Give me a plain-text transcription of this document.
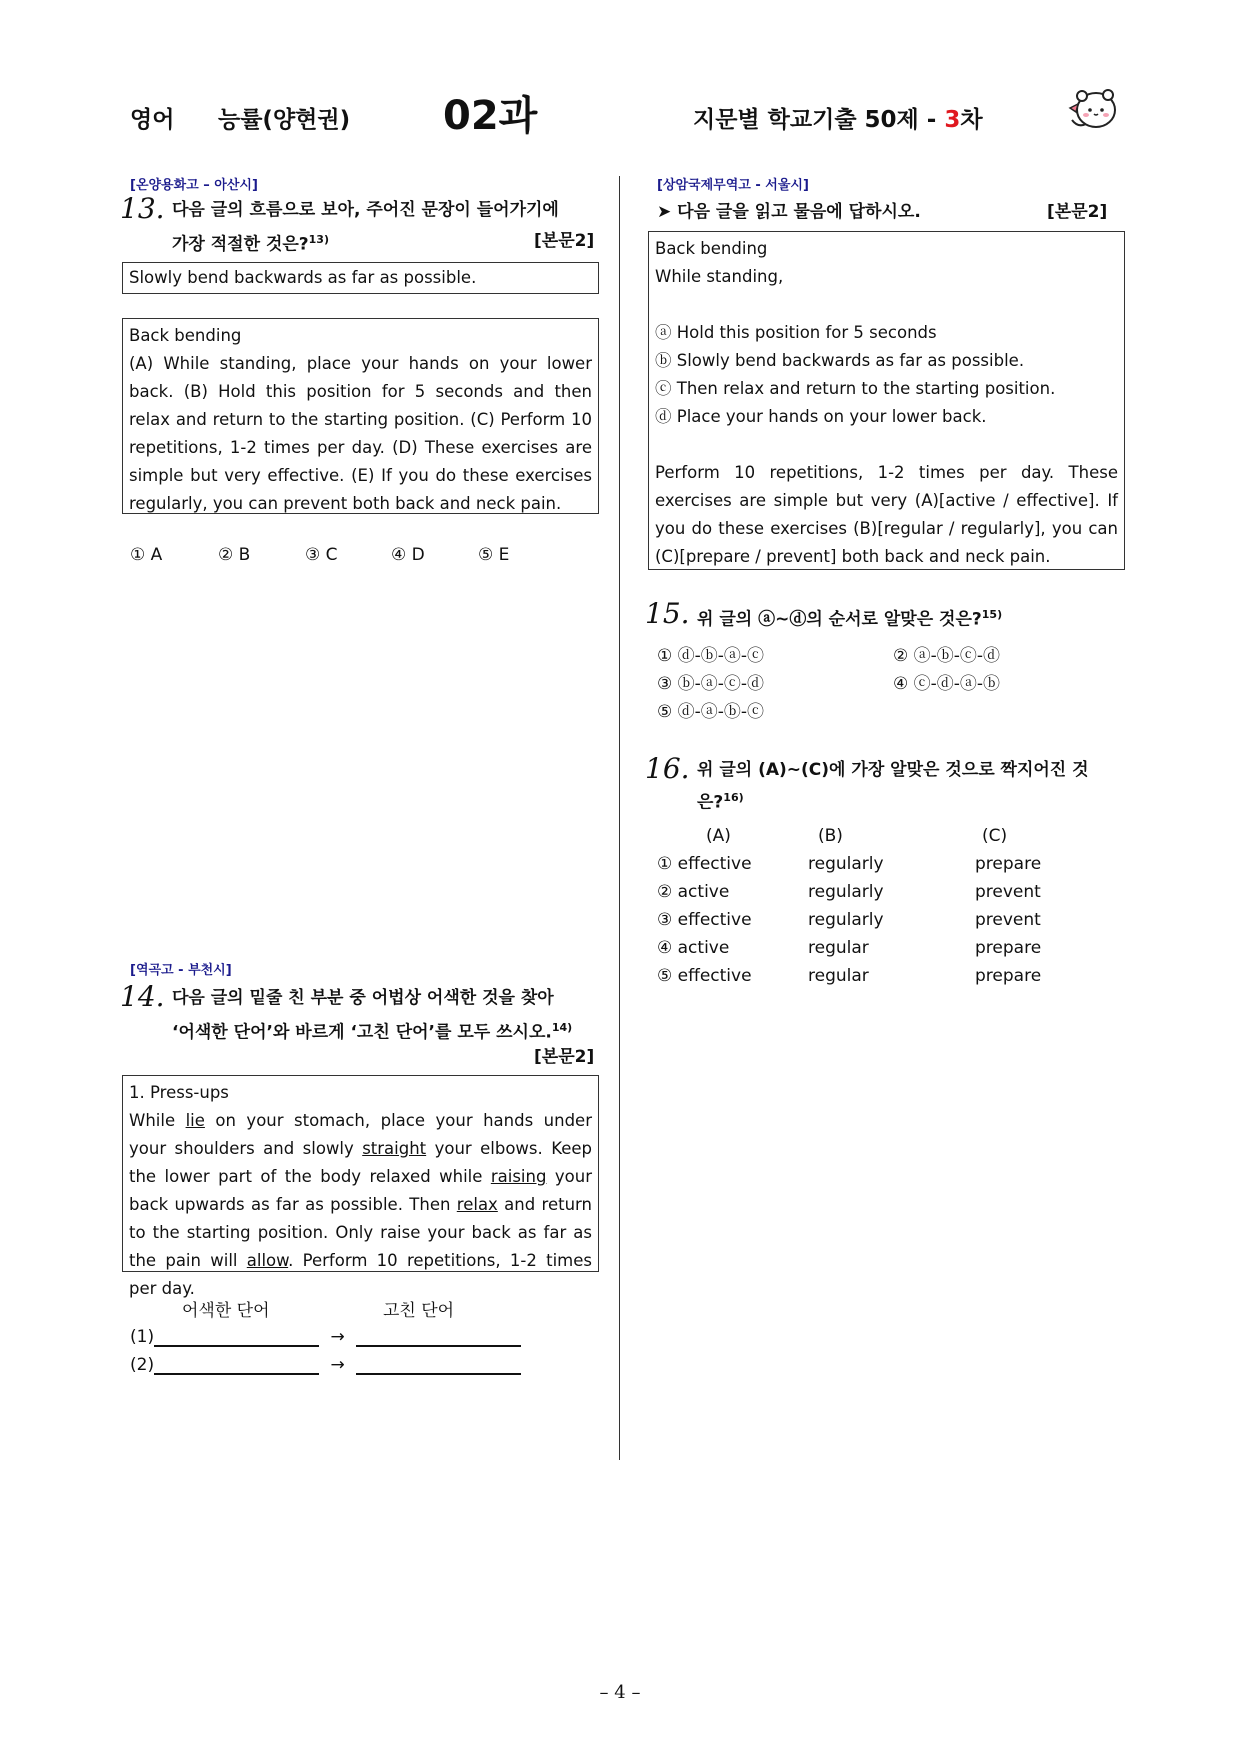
영어 능률(양현권) 02과	지문별 학교기출 50제 - 3차
[온양용화고 – 아산시]
13. 다음 글의 흐름으로 보아, 주어진 문장이 들어가기에
가장 적절한 것은?$^{13)}$	[본문2]
Slowly bend backwards as far as possible.
Back bending
(A) While standing, place your hands on your lower back. (B) Hold this position for 5 seconds and then relax and return to the starting position. (C) Perform 10 repetitions, 1-2 times per day. (D) These exercises are simple but very effective. (E) If you do these exercises regularly, you can prevent both back and neck pain.
① A	② B	③ C	④ D	⑤ E
[역곡고 - 부천시]
14. 다음 글의 밑줄 친 부분 중 어법상 어색한 것을 찾아
‘어색한 단어’와 바르게 ‘고친 단어’를 모두 쓰시오.$^{14)}$
[본문2]
1. Press-ups
While lie on your stomach, place your hands under your shoulders and slowly straight your elbows. Keep the lower part of the body relaxed while raising your back upwards as far as possible. Then relax and return to the starting position. Only raise your back as far as the pain will allow. Perform 10 repetitions, 1-2 times per day.
어색한 단어	고친 단어
(1)	→
(2)	→
[상암국제무역고 - 서울시]
➤ 다음 글을 읽고 물음에 답하시오.	[본문2]
Back bending
While standing,
ⓐ Hold this position for 5 seconds
ⓑ Slowly bend backwards as far as possible.
ⓒ Then relax and return to the starting position.
ⓓ Place your hands on your lower back.
Perform 10 repetitions, 1-2 times per day. These exercises are simple but very (A)[active / effective]. If you do these exercises (B)[regular / regularly], you can (C)[prepare / prevent] both back and neck pain.
15. 위 글의 ⓐ~ⓓ의 순서로 알맞은 것은?$^{15)}$
① ⓓ-ⓑ-ⓐ-ⓒ	② ⓐ-ⓑ-ⓒ-ⓓ
③ ⓑ-ⓐ-ⓒ-ⓓ	④ ⓒ-ⓓ-ⓐ-ⓑ
⑤ ⓓ-ⓐ-ⓑ-ⓒ
16. 위 글의 (A)~(C)에 가장 알맞은 것으로 짝지어진 것
은?$^{16)}$
(A)	(B)	(C)
① effective	regularly	prepare
② active	regularly	prevent
③ effective	regularly	prevent
④ active	regular	prepare
⑤ effective	regular	prepare
– 4 –
